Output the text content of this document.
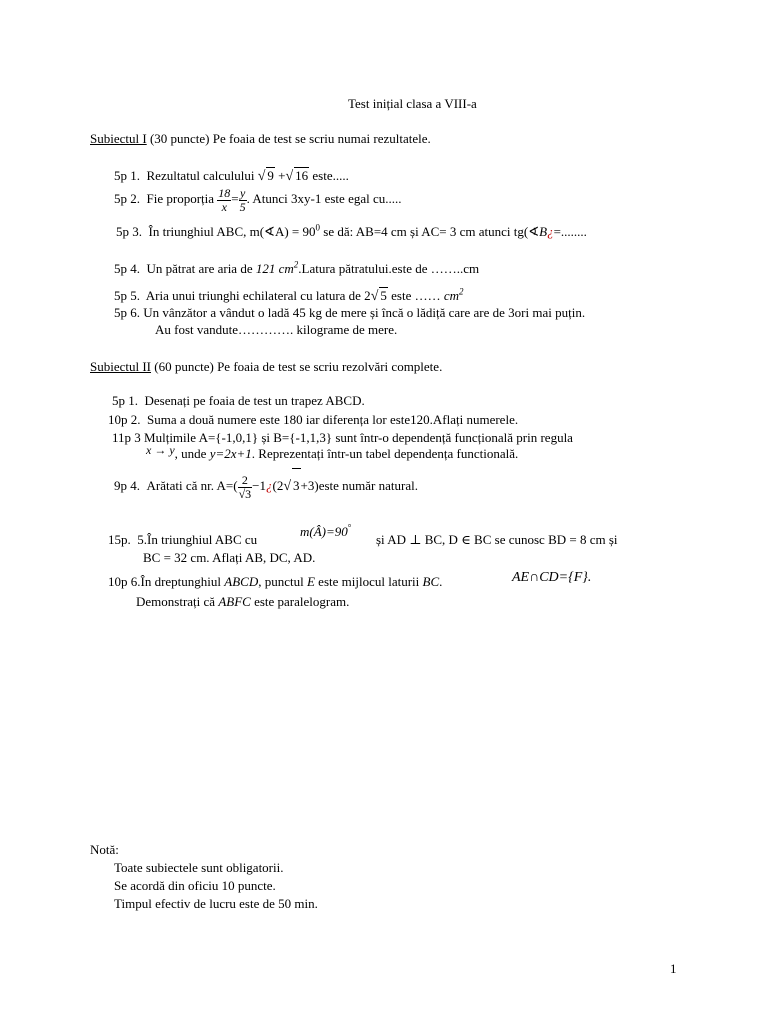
Test inițial clasa a VIII-a
Subiectul I (30 puncte) Pe foaia de test se scriu numai rezultatele.
5p 1. Rezultatul calculului √ 9 +√ 16 este.....
5p 2. Fie proporția $\frac{18}{x} = \frac{y}{5}$ . Atunci 3xy-1 este egal cu.....
5p 3. În triunghiul ABC, m(∢A) = $90^0$ se dă: AB=4 cm și AC= 3 cm atunci tg(∢B¿=........
5p 4. Un pătrat are aria de 121 $cm^2.Latura$ pătratului.este de ……..cm
5p 5. Aria unui triunghi echilateral cu latura de 2√ 5 este …… $cm^2$
5p 6. Un vânzător a vândut o ladă 45 kg de mere și încă o lădiță care are de 3ori mai puțin.
Au fost vandute…………. kilograme de mere.
Subiectul II (60 puncte) Pe foaia de test se scriu rezolvări complete.
5p 1. Desenați pe foaia de test un trapez ABCD.
10p 2. Suma a două numere este 180 iar diferența lor este120.Aflați numerele.
11p 3 Mulțimile A={-1,0,1} și B={-1,1,3} sunt într-o dependență funcțională prin regula
x → y, unde y=2x+1. Reprezentați într-un tabel dependența functională.
9p 4. Arătati că nr. $A=( \frac{2}{√3}$ −1¿(2√ 3+3)este număr natural.
15p. 5.În triunghiul ABC cu
m(Â)=90°
și AD ⊥ BC, D ∈ BC se cunosc BD = 8 cm și
BC = 32 cm. Aflați AB, DC, AD.
10p 6.În dreptunghiul ABCD, punctul E este mijlocul laturii BC.	AE∩CD={F}.
Demonstrați că ABFC este paralelogram.
Notă:
Toate subiectele sunt obligatorii.
Se acordă din oficiu 10 puncte.
Timpul efectiv de lucru este de 50 min.
1
